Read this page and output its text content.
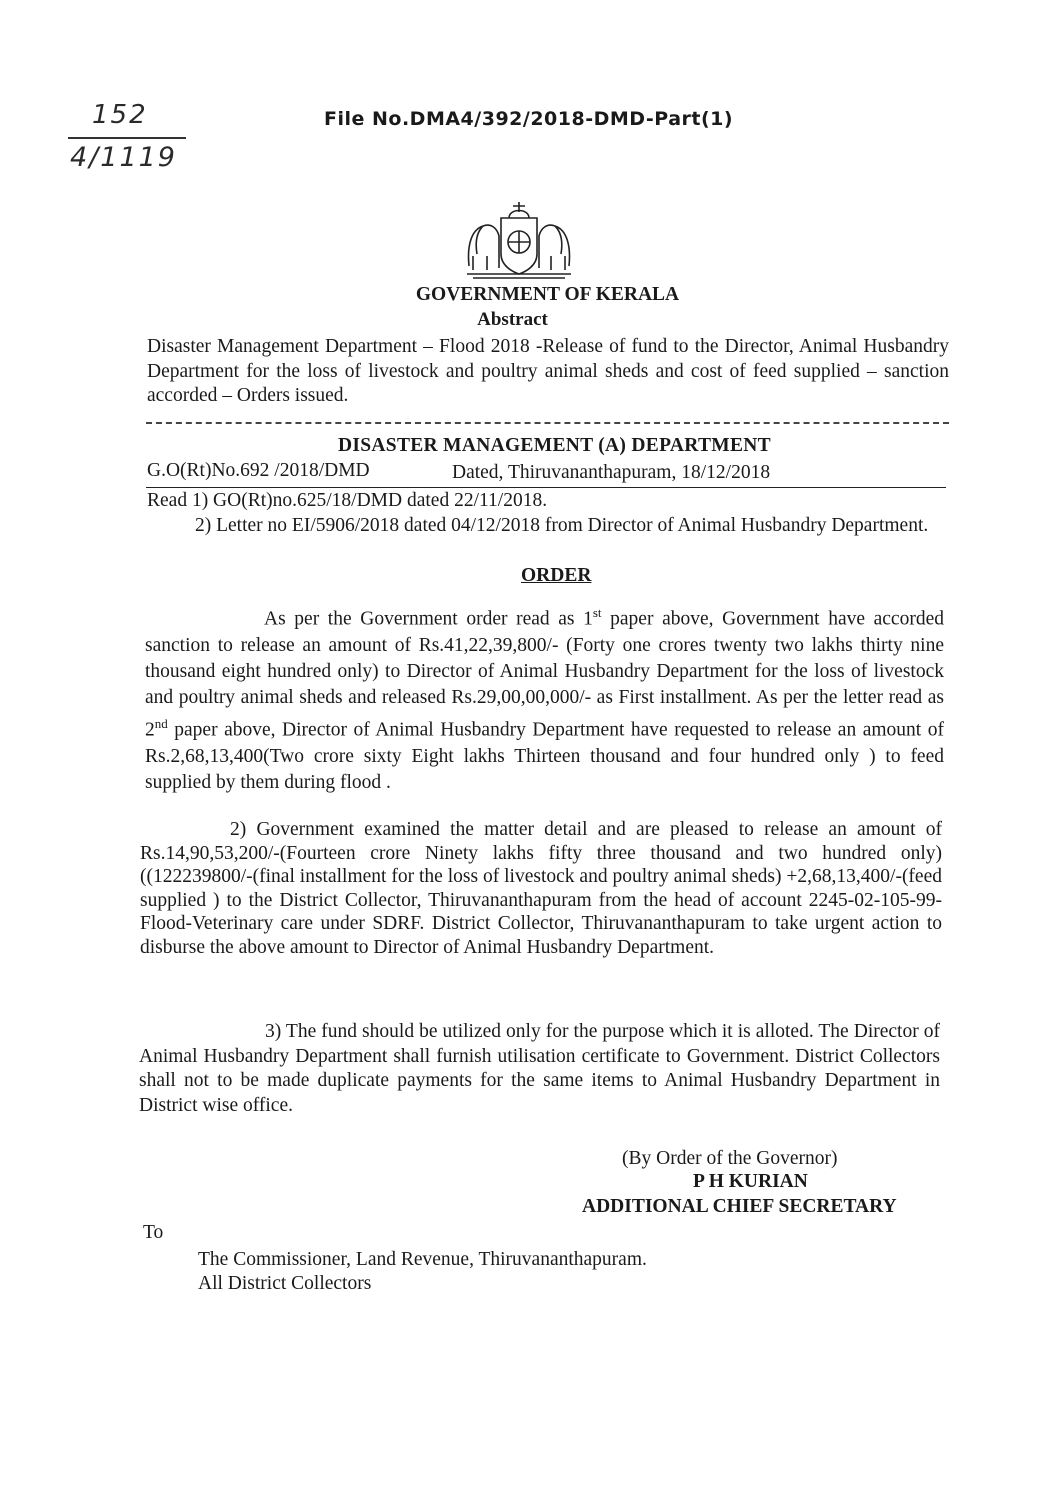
152
4/1119
File No.DMA4/392/2018-DMD-Part(1)
GOVERNMENT OF KERALA
Abstract
Disaster Management Department – Flood 2018 -Release of fund to the Director, Animal Husbandry Department for the loss of livestock and poultry animal sheds and cost of feed supplied – sanction accorded – Orders issued.
DISASTER MANAGEMENT (A) DEPARTMENT
G.O(Rt)No.692 /2018/DMD	Dated, Thiruvananthapuram, 18/12/2018
Read 1) GO(Rt)no.625/18/DMD dated 22/11/2018.
2) Letter no EI/5906/2018 dated 04/12/2018 from Director of Animal Husbandry Department.
ORDER
As per the Government order read as 1st paper above, Government have accorded sanction to release an amount of Rs.41,22,39,800/- (Forty one crores twenty two lakhs thirty nine thousand eight hundred only) to Director of Animal Husbandry Department for the loss of livestock and poultry animal sheds and released Rs.29,00,00,000/- as First installment. As per the letter read as 2nd paper above, Director of Animal Husbandry Department have requested to release an amount of Rs.2,68,13,400(Two crore sixty Eight lakhs Thirteen thousand and four hundred only ) to feed supplied by them during flood .
2) Government examined the matter detail and are pleased to release an amount of Rs.14,90,53,200/-(Fourteen crore Ninety lakhs fifty three thousand and two hundred only) ((122239800/-(final installment for the loss of livestock and poultry animal sheds) +2,68,13,400/-(feed supplied ) to the District Collector, Thiruvananthapuram from the head of account 2245-02-105-99-Flood-Veterinary care under SDRF. District Collector, Thiruvananthapuram to take urgent action to disburse the above amount to Director of Animal Husbandry Department.
3) The fund should be utilized only for the purpose which it is alloted. The Director of Animal Husbandry Department shall furnish utilisation certificate to Government. District Collectors shall not to be made duplicate payments for the same items to Animal Husbandry Department in District wise office.
(By Order of the Governor)
P H KURIAN
ADDITIONAL CHIEF SECRETARY
To
The Commissioner, Land Revenue, Thiruvananthapuram.
All District Collectors
